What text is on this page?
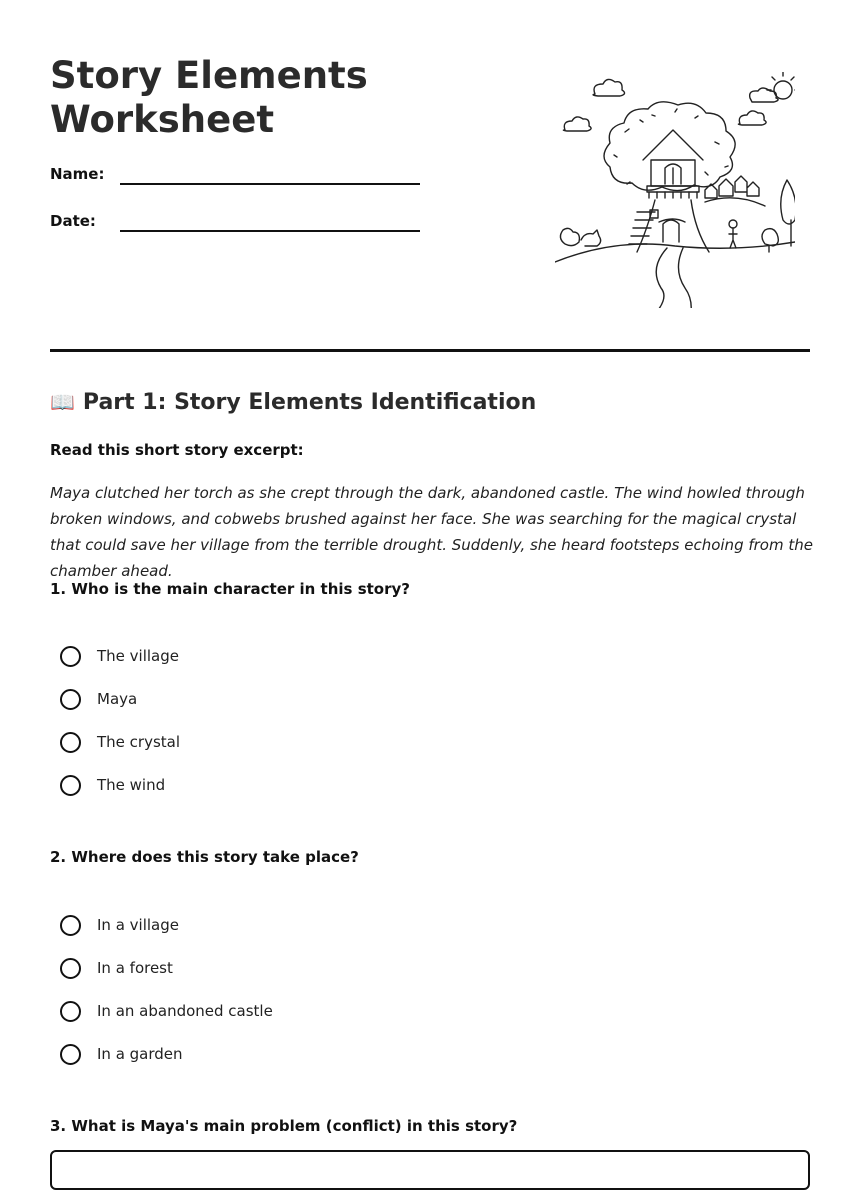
Story Elements Worksheet
Name:
Date:
📖 Part 1: Story Elements Identification
Read this short story excerpt:
Maya clutched her torch as she crept through the dark, abandoned castle. The wind howled through broken windows, and cobwebs brushed against her face. She was searching for the magical crystal that could save her village from the terrible drought. Suddenly, she heard footsteps echoing from the chamber ahead.
1. Who is the main character in this story?
The village
Maya
The crystal
The wind
2. Where does this story take place?
In a village
In a forest
In an abandoned castle
In a garden
3. What is Maya's main problem (conflict) in this story?
